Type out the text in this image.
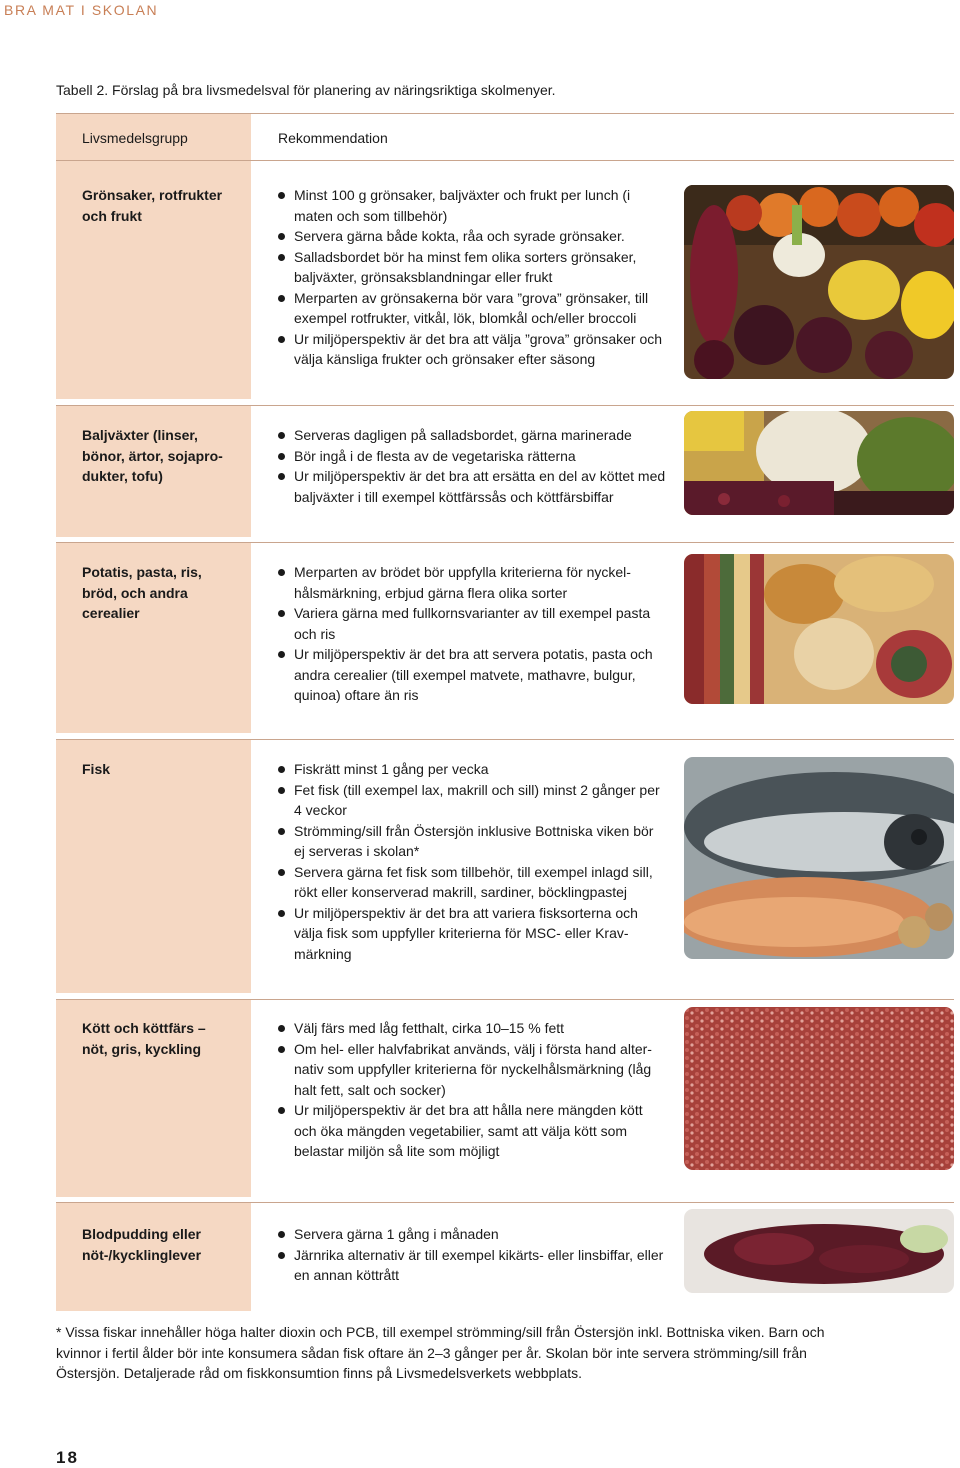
BRA MAT I SKOLAN
Tabell 2. Förslag på bra livsmedelsval för planering av näringsriktiga skolmenyer.
Livsmedelsgrupp	Rekommendation
Grönsaker, rotfrukter
och frukt
Minst 100 g grönsaker, baljväxter och frukt per lunch (i maten och som tillbehör)
Servera gärna både kokta, råa och syrade grönsaker.
Salladsbordet bör ha minst fem olika sorters grönsaker, baljväxter, grönsaksblandningar eller frukt
Merparten av grönsakerna bör vara ”grova” grönsaker, till exempel rotfrukter, vitkål, lök, blomkål och/eller broccoli
Ur miljöperspektiv är det bra att välja ”grova” grönsaker och välja känsliga frukter och grönsaker efter säsong
Baljväxter (linser,
bönor, ärtor, sojapro-
dukter, tofu)
Serveras dagligen på salladsbordet, gärna marinerade
Bör ingå i de flesta av de vegetariska rätterna
Ur miljöperspektiv är det bra att ersätta en del av köttet med baljväxter i till exempel köttfärssås och köttfärsbiffar
Potatis, pasta, ris,
bröd, och andra
cerealier
Merparten av brödet bör uppfylla kriterierna för nyckel-hålsmärkning, erbjud gärna flera olika sorter
Variera gärna med fullkornsvarianter av till exempel pasta och ris
Ur miljöperspektiv är det bra att servera potatis, pasta och andra cerealier (till exempel matvete, mathavre, bulgur, quinoa) oftare än ris
Fisk	Fiskrätt minst 1 gång per vecka
Fet fisk (till exempel lax, makrill och sill) minst 2 gånger per 4 veckor
Strömming/sill från Östersjön inklusive Bottniska viken bör ej serveras i skolan*
Servera gärna fet fisk som tillbehör, till exempel inlagd sill, rökt eller konserverad makrill, sardiner, böcklingpastej
Ur miljöperspektiv är det bra att variera fisksorterna och välja fisk som uppfyller kriterierna för MSC- eller Krav-märkning
Kött och köttfärs –
nöt, gris, kyckling
Välj färs med låg fetthalt, cirka 10–15 % fett
Om hel- eller halvfabrikat används, välj i första hand alter-nativ som uppfyller kriterierna för nyckelhålsmärkning (låg halt fett, salt och socker)
Ur miljöperspektiv är det bra att hålla nere mängden kött och öka mängden vegetabilier, samt att välja kött som belastar miljön så lite som möjligt
Blodpudding eller
nöt-/kycklinglever
Servera gärna 1 gång i månaden
Järnrika alternativ är till exempel kikärts- eller linsbiffar, eller en annan köttrått
* Vissa fiskar innehåller höga halter dioxin och PCB, till exempel strömming/sill från Östersjön inkl. Bottniska viken. Barn och kvinnor i fertil ålder bör inte konsumera sådan fisk oftare än 2–3 gånger per år. Skolan bör inte servera strömming/sill från Östersjön. Detaljerade råd om fiskkonsumtion finns på Livsmedelsverkets webbplats.
18
